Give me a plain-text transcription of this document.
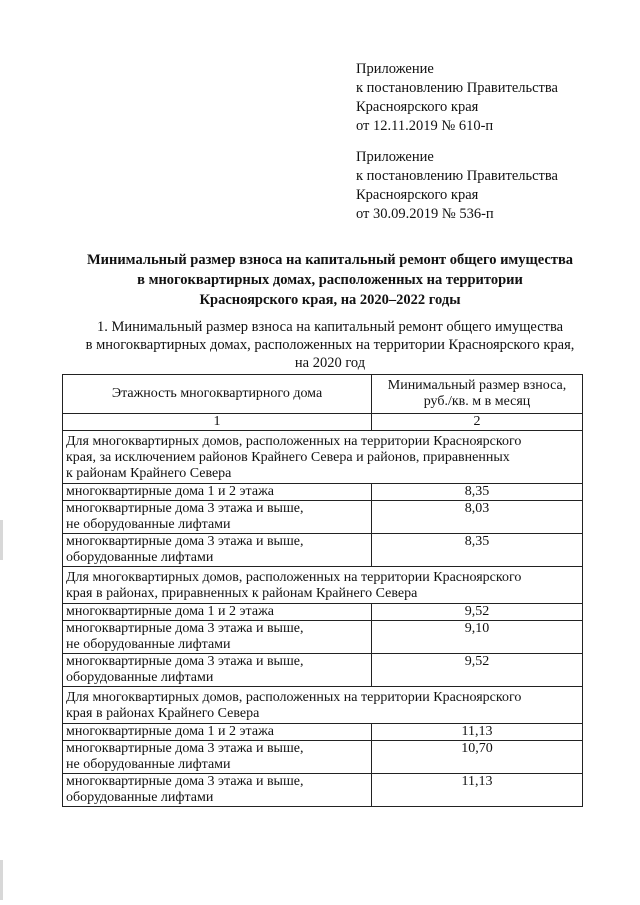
Приложение
к постановлению Правительства
Красноярского края
от 12.11.2019 № 610-п
Приложение
к постановлению Правительства
Красноярского края
от 30.09.2019 № 536-п
Минимальный размер взноса на капитальный ремонт общего имущества
в многоквартирных домах, расположенных на территории
Красноярского края, на 2020–2022 годы
1. Минимальный размер взноса на капитальный ремонт общего имущества
в многоквартирных домах, расположенных на территории Красноярского края,
на 2020 год
Этажность многоквартирного дома	Минимальный размер взноса,
руб./кв. м в месяц

1	2

Для многоквартирных домов, расположенных на территории Красноярского
края, за исключением районов Крайнего Севера и районов, приравненных
к районам Крайнего Севера	

многоквартирные дома 1 и 2 этажа	8,35

многоквартирные дома 3 этажа и выше,
не оборудованные лифтами	8,03

многоквартирные дома 3 этажа и выше,
оборудованные лифтами	8,35

Для многоквартирных домов, расположенных на территории Красноярского
края в районах, приравненных к районам Крайнего Севера	

многоквартирные дома 1 и 2 этажа	9,52

многоквартирные дома 3 этажа и выше,
не оборудованные лифтами	9,10

многоквартирные дома 3 этажа и выше,
оборудованные лифтами	9,52

Для многоквартирных домов, расположенных на территории Красноярского
края в районах Крайнего Севера	

многоквартирные дома 1 и 2 этажа	11,13

многоквартирные дома 3 этажа и выше,
не оборудованные лифтами	10,70

многоквартирные дома 3 этажа и выше,
оборудованные лифтами	11,13
